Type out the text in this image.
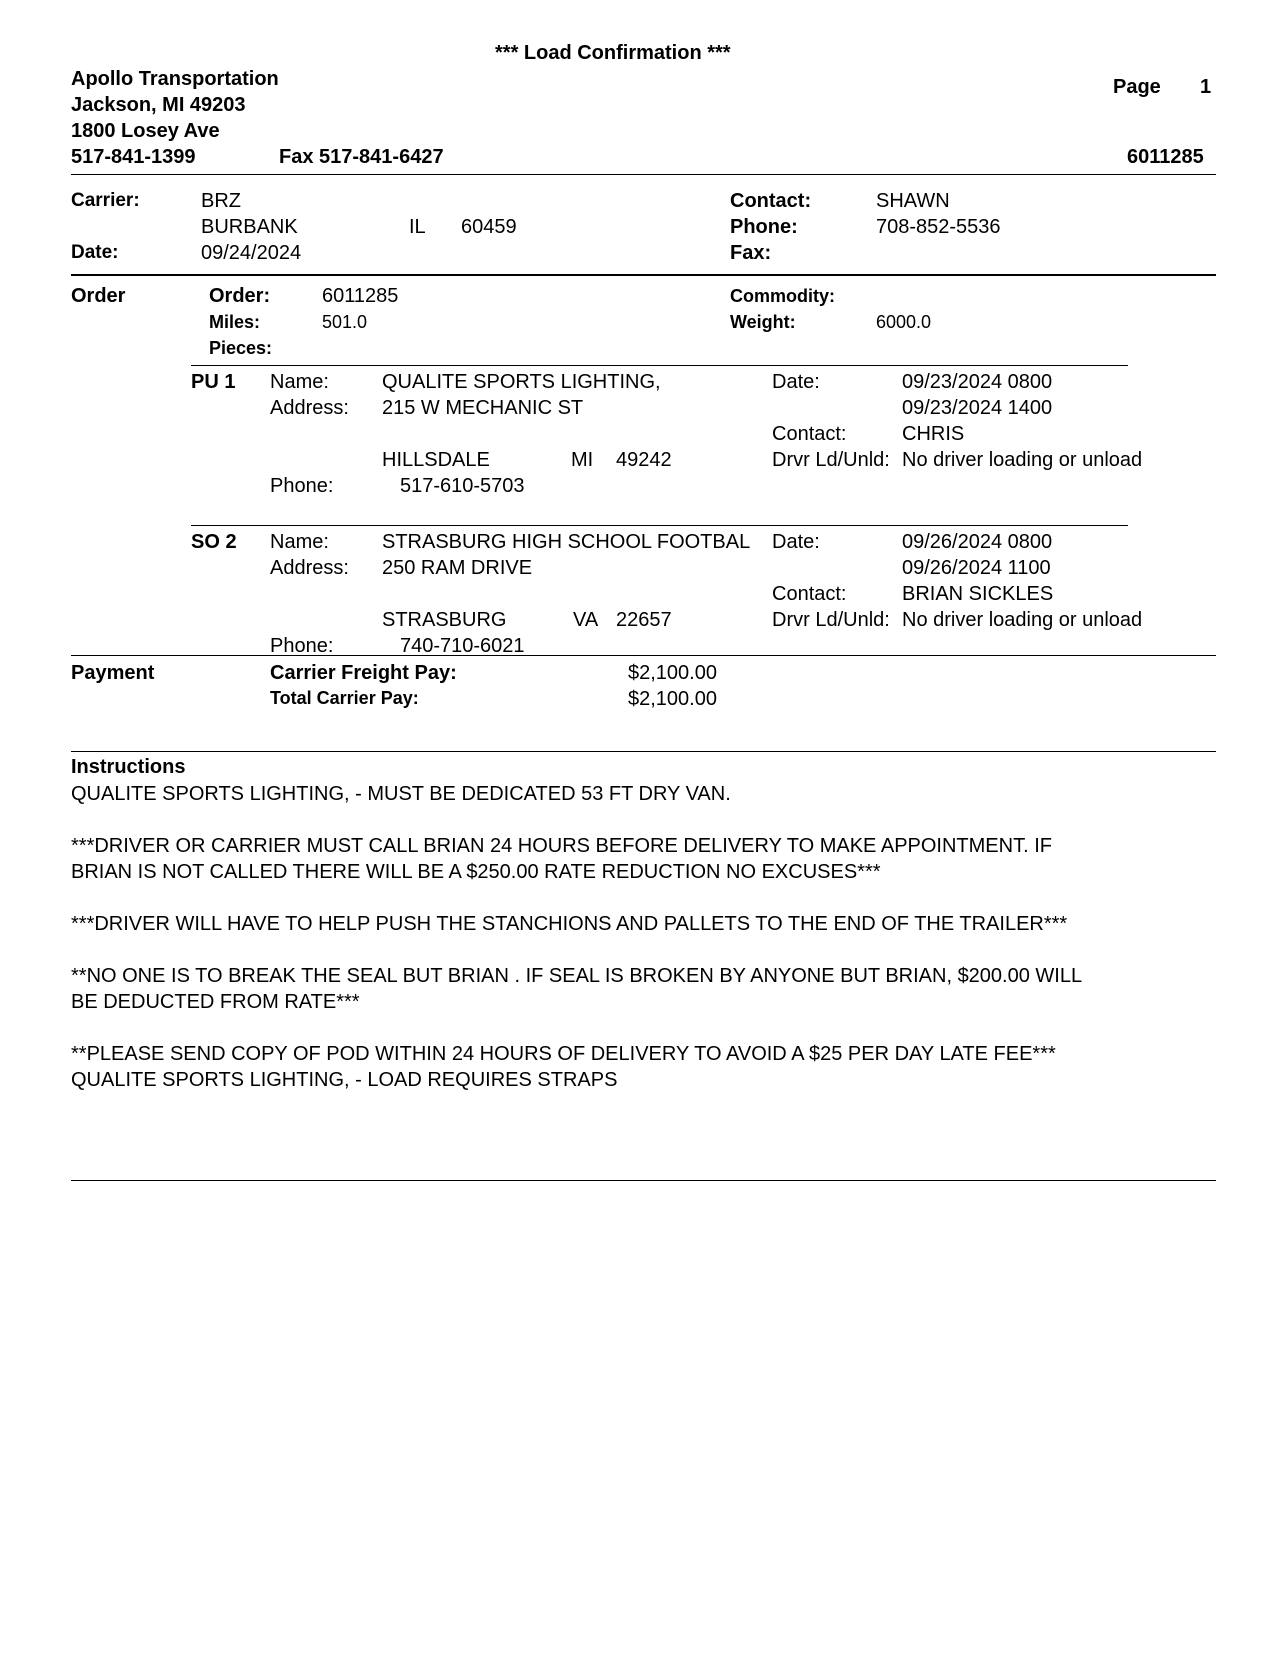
*** Load Confirmation ***
Apollo Transportation
Jackson, MI 49203
1800 Losey Ave
517-841-1399	Fax 517-841-6427
Page 1
6011285
Carrier:	BRZ
BURBANK	IL 60459
Date:	09/24/2024
Contact:	SHAWN
Phone:	708-852-5536
Fax:
Order	Order:	6011285
Miles:	501.0
Pieces:
Commodity:
Weight:	6000.0
PU 1 Name:	QUALITE SPORTS LIGHTING,
Address: 215 W MECHANIC ST
HILLSDALE	MI 49242
Phone:	517-610-5703
Date:	09/23/2024 0800
09/23/2024 1400
Contact:	CHRIS
Drvr Ld/Unld: No driver loading or unload
SO 2 Name:	STRASBURG HIGH SCHOOL FOOTBAL
Address: 250 RAM DRIVE
STRASBURG	VA 22657
Phone:	740-710-6021
Date:	09/26/2024 0800
09/26/2024 1100
Contact:	BRIAN SICKLES
Drvr Ld/Unld: No driver loading or unload
Payment	Carrier Freight Pay:	$2,100.00
Total Carrier Pay:	$2,100.00
Instructions
QUALITE SPORTS LIGHTING, - MUST BE DEDICATED 53 FT DRY VAN.
***DRIVER OR CARRIER MUST CALL BRIAN 24 HOURS BEFORE DELIVERY TO MAKE APPOINTMENT. IF
BRIAN IS NOT CALLED THERE WILL BE A $250.00 RATE REDUCTION NO EXCUSES***
***DRIVER WILL HAVE TO HELP PUSH THE STANCHIONS AND PALLETS TO THE END OF THE TRAILER***
**NO ONE IS TO BREAK THE SEAL BUT BRIAN . IF SEAL IS BROKEN BY ANYONE BUT BRIAN, $200.00 WILL
BE DEDUCTED FROM RATE***
**PLEASE SEND COPY OF POD WITHIN 24 HOURS OF DELIVERY TO AVOID A $25 PER DAY LATE FEE***
QUALITE SPORTS LIGHTING, - LOAD REQUIRES STRAPS
